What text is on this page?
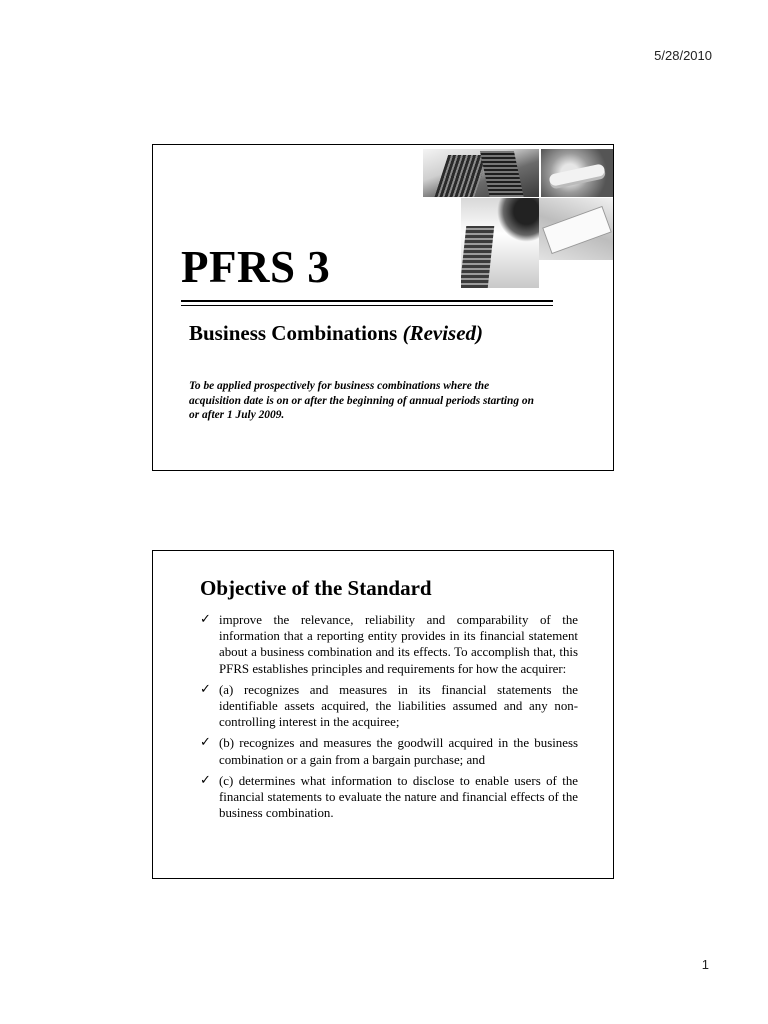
5/28/2010
PFRS 3
Business Combinations (Revised)

To be applied prospectively for business combinations where the acquisition date is on or after the beginning of annual periods starting on or after 1 July 2009.

Objective of the Standard
✓ improve the relevance, reliability and comparability of the information that a reporting entity provides in its financial statement about a business combination and its effects. To accomplish that, this PFRS establishes principles and requirements for how the acquirer:
✓ (a) recognizes and measures in its financial statements the identifiable assets acquired, the liabilities assumed and any non-controlling interest in the acquiree;
✓ (b) recognizes and measures the goodwill acquired in the business combination or a gain from a bargain purchase; and
✓ (c) determines what information to disclose to enable users of the financial statements to evaluate the nature and financial effects of the business combination.
1
